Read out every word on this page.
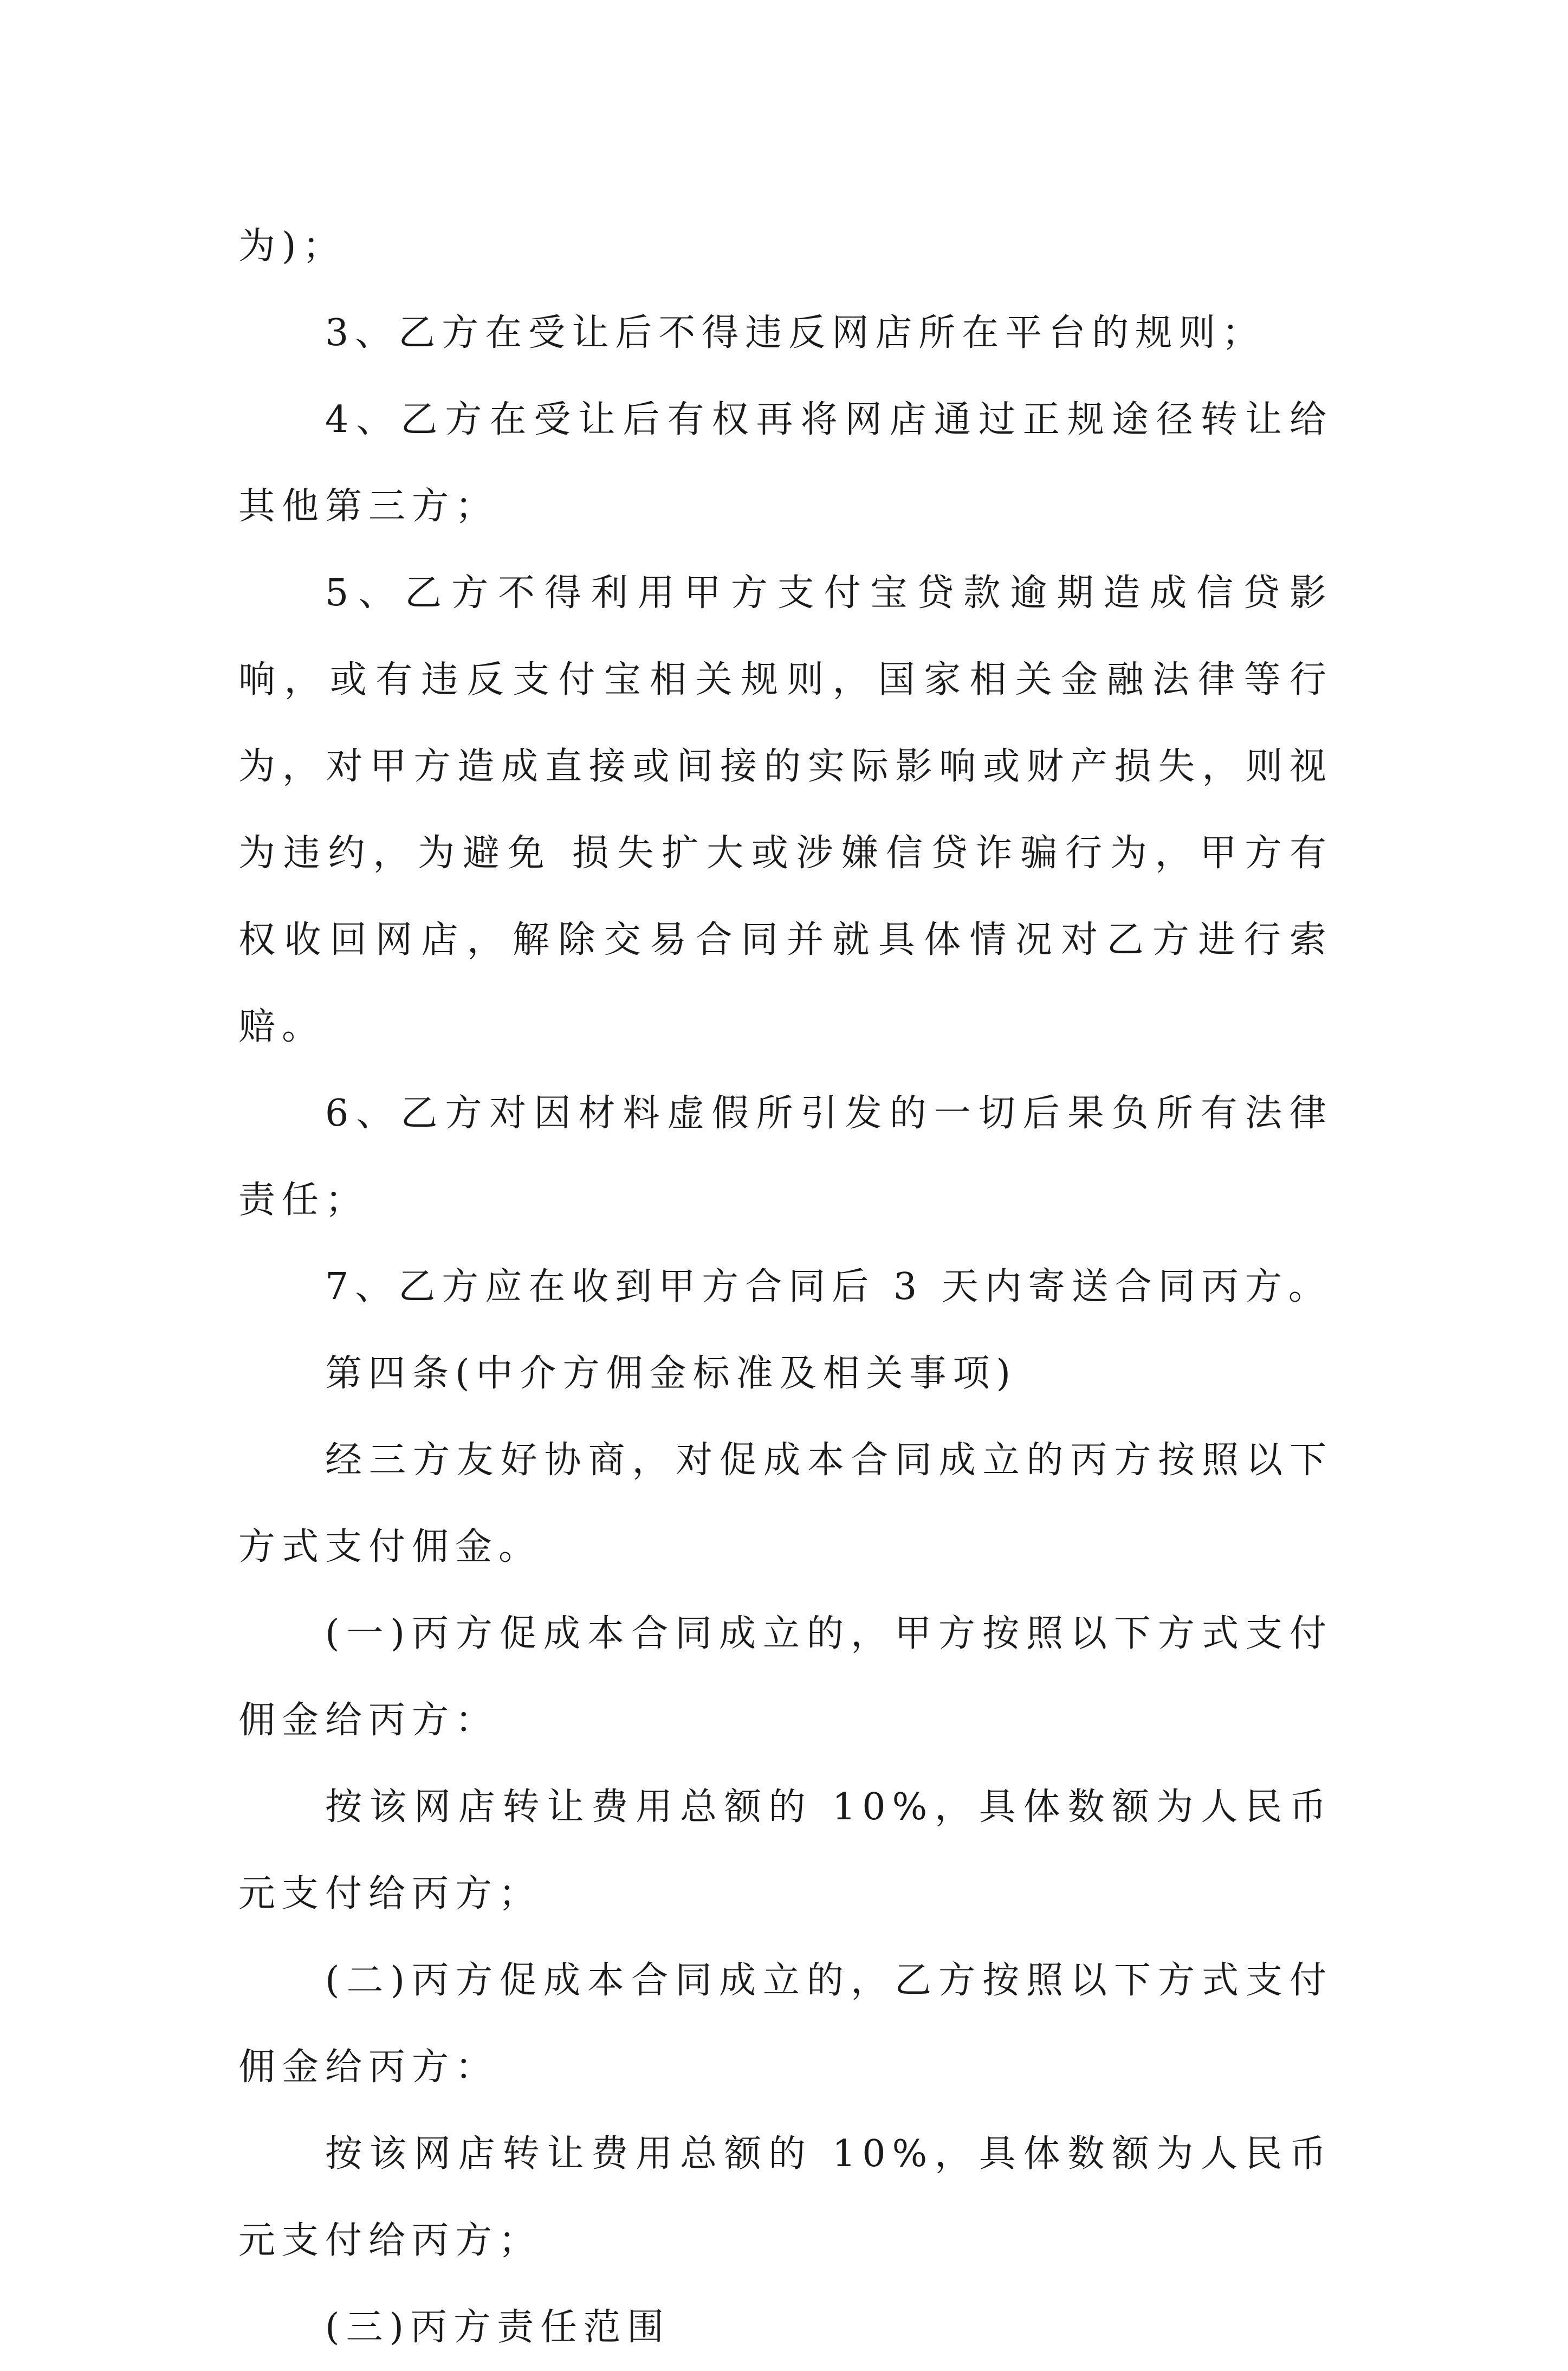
为)；

3、乙方在受让后不得违反网店所在平台的规则；

4、乙方在受让后有权再将网店通过正规途径转让给其他第三方；

5、乙方不得利用甲方支付宝贷款逾期造成信贷影响，或有违反支付宝相关规则，国家相关金融法律等行为，对甲方造成直接或间接的实际影响或财产损失，则视为违约，为避免 损失扩大或涉嫌信贷诈骗行为，甲方有权收回网店，解除交易合同并就具体情况对乙方进行索赔。

6、乙方对因材料虚假所引发的一切后果负所有法律责任；

7、乙方应在收到甲方合同后 3 天内寄送合同丙方。

第四条(中介方佣金标准及相关事项)

经三方友好协商，对促成本合同成立的丙方按照以下方式支付佣金。

(一)丙方促成本合同成立的，甲方按照以下方式支付佣金给丙方：

按该网店转让费用总额的 10%，具体数额为人民币元支付给丙方；

(二)丙方促成本合同成立的，乙方按照以下方式支付佣金给丙方：

按该网店转让费用总额的 10%，具体数额为人民币元支付给丙方；

(三)丙方责任范围
